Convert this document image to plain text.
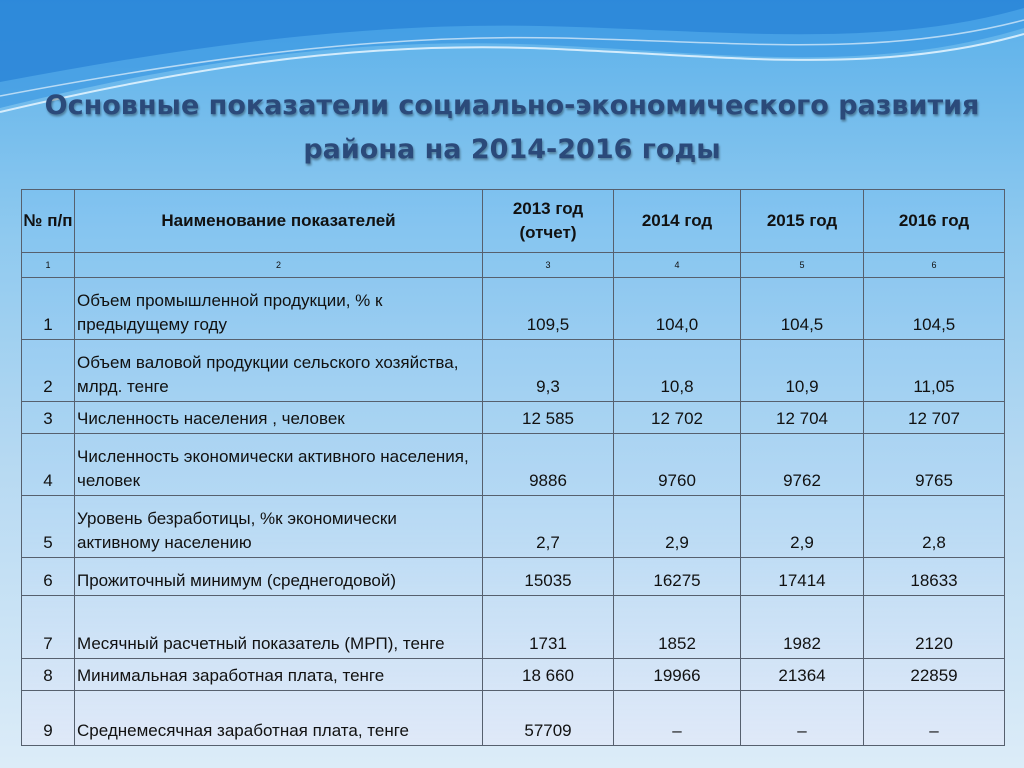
Основные показатели социально-экономического развития
района на 2014-2016 годы
№ п/п	Наименование показателей	2013 год (отчет)	2014 год	2015 год	2016 год
1	2	3	4	5	6
1	Объем промышленной продукции, % к предыдущему году	109,5	104,0	104,5	104,5
2	Объем валовой продукции сельского хозяйства, млрд. тенге	9,3	10,8	10,9	11,05
3	Численность населения , человек	12 585	12 702	12 704	12 707
4	Численность экономически активного населения, человек	9886	9760	9762	9765
5	Уровень безработицы, %к экономически активному населению	2,7	2,9	2,9	2,8
6	Прожиточный минимум (среднегодовой)	15035	16275	17414	18633
7	Месячный расчетный показатель (МРП), тенге	1731	1852	1982	2120
8	Минимальная заработная плата, тенге	18 660	19966	21364	22859
9	Среднемесячная заработная плата, тенге	57709	–	–	–
